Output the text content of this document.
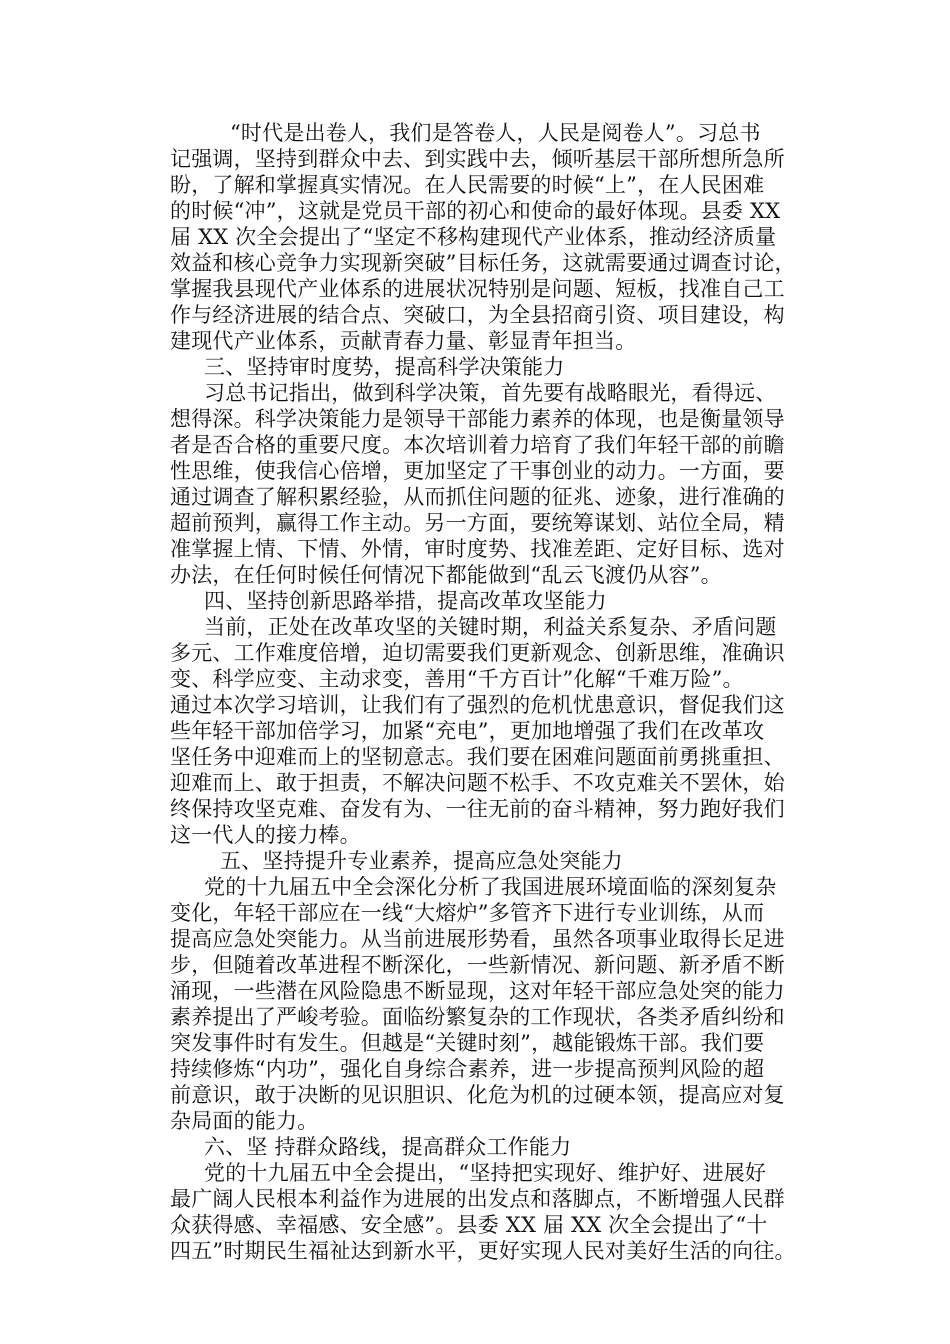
“时代是出卷人，我们是答卷人，人民是阅卷人”。习总书
记强调，坚持到群众中去、到实践中去，倾听基层干部所想所急所
盼，了解和掌握真实情况。在人民需要的时候“上”，在人民困难
的时候“冲”，这就是党员干部的初心和使命的最好体现。县委 XX
届 XX 次全会提出了“坚定不移构建现代产业体系，推动经济质量
效益和核心竞争力实现新突破”目标任务，这就需要通过调查讨论，
掌握我县现代产业体系的进展状况特别是问题、短板，找准自己工
作与经济进展的结合点、突破口，为全县招商引资、项目建设，构
建现代产业体系，贡献青春力量、彰显青年担当。
三、坚持审时度势，提高科学决策能力
习总书记指出，做到科学决策，首先要有战略眼光，看得远、
想得深。科学决策能力是领导干部能力素养的体现，也是衡量领导
者是否合格的重要尺度。本次培训着力培育了我们年轻干部的前瞻
性思维，使我信心倍增，更加坚定了干事创业的动力。一方面，要
通过调查了解积累经验，从而抓住问题的征兆、迹象，进行准确的
超前预判，赢得工作主动。另一方面，要统筹谋划、站位全局，精
准掌握上情、下情、外情，审时度势、找准差距、定好目标、选对
办法，在任何时候任何情况下都能做到“乱云飞渡仍从容”。
四、坚持创新思路举措，提高改革攻坚能力
当前，正处在改革攻坚的关键时期，利益关系复杂、矛盾问题
多元、工作难度倍增，迫切需要我们更新观念、创新思维，准确识
变、科学应变、主动求变，善用“千方百计”化解“千难万险”。
通过本次学习培训，让我们有了强烈的危机忧患意识，督促我们这
些年轻干部加倍学习，加紧“充电”，更加地增强了我们在改革攻
坚任务中迎难而上的坚韧意志。我们要在困难问题面前勇挑重担、
迎难而上、敢于担责，不解决问题不松手、不攻克难关不罢休，始
终保持攻坚克难、奋发有为、一往无前的奋斗精神，努力跑好我们
这一代人的接力棒。
五、坚持提升专业素养，提高应急处突能力
党的十九届五中全会深化分析了我国进展环境面临的深刻复杂
变化，年轻干部应在一线“大熔炉”多管齐下进行专业训练，从而
提高应急处突能力。从当前进展形势看，虽然各项事业取得长足进
步，但随着改革进程不断深化，一些新情况、新问题、新矛盾不断
涌现，一些潜在风险隐患不断显现，这对年轻干部应急处突的能力
素养提出了严峻考验。面临纷繁复杂的工作现状，各类矛盾纠纷和
突发事件时有发生。但越是“关键时刻”，越能锻炼干部。我们要
持续修炼“内功”，强化自身综合素养，进一步提高预判风险的超
前意识，敢于决断的见识胆识、化危为机的过硬本领，提高应对复
杂局面的能力。
六、坚 持群众路线，提高群众工作能力
党的十九届五中全会提出，“坚持把实现好、维护好、进展好
最广阔人民根本利益作为进展的出发点和落脚点，不断增强人民群
众获得感、幸福感、安全感”。县委 XX 届 XX 次全会提出了“十
四五”时期民生福祉达到新水平，更好实现人民对美好生活的向往。
